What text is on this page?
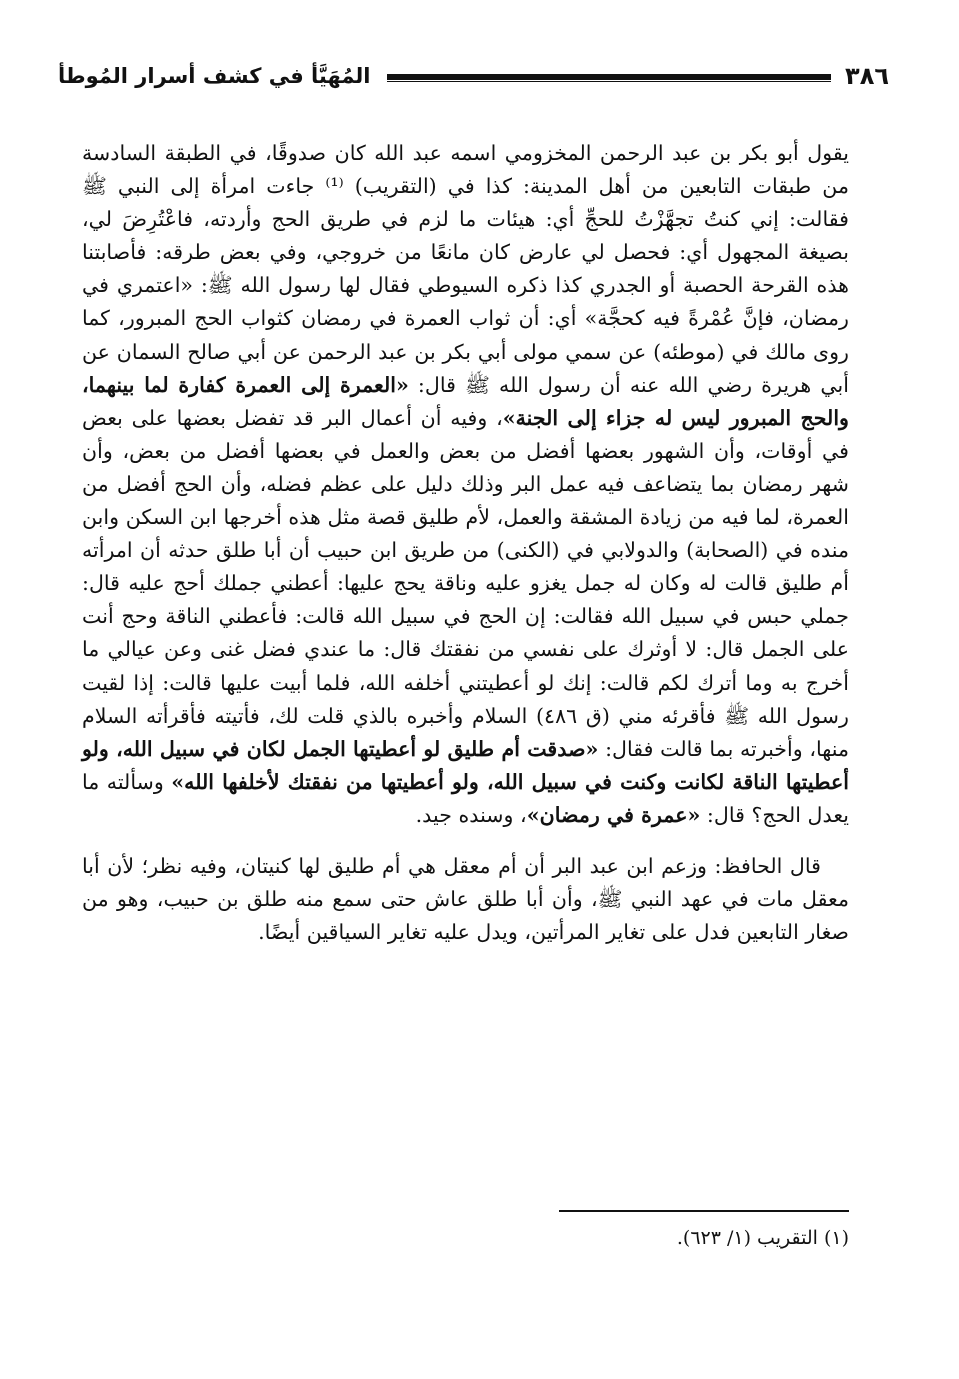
٣٨٦
المُهَيَّأ في كشف أسرار المُوطأ

يقول أبو بكر بن عبد الرحمن المخزومي اسمه عبد الله كان صدوقًا، في الطبقة السادسة من طبقات التابعين من أهل المدينة: كذا في (التقريب) ⁽¹⁾ جاءت امرأة إلى النبي ﷺ فقالت: إني كنتُ تجهَّزْتُ للحجِّ أي: هيئات ما لزم في طريق الحج وأردته، فاعْتُرِضَ لي، بصيغة المجهول أي: فحصل لي عارض كان مانعًا من خروجي، وفي بعض طرقه: فأصابتنا هذه القرحة الحصبة أو الجدري كذا ذكره السيوطي فقال لها رسول الله ﷺ: «اعتمري في رمضان، فإنَّ عُمْرةً فيه كحجَّة» أي: أن ثواب العمرة في رمضان كثواب الحج المبرور، كما روى مالك في (موطئه) عن سمي مولى أبي بكر بن عبد الرحمن عن أبي صالح السمان عن أبي هريرة رضي الله عنه أن رسول الله ﷺ قال: «العمرة إلى العمرة كفارة لما بينهما، والحج المبرور ليس له جزاء إلى الجنة»، وفيه أن أعمال البر قد تفضل بعضها على بعض في أوقات، وأن الشهور بعضها أفضل من بعض والعمل في بعضها أفضل من بعض، وأن شهر رمضان بما يتضاعف فيه عمل البر وذلك دليل على عظم فضله، وأن الحج أفضل من العمرة، لما فيه من زيادة المشقة والعمل، لأم طليق قصة مثل هذه أخرجها ابن السكن وابن منده في (الصحابة) والدولابي في (الكنى) من طريق ابن حبيب أن أبا طلق حدثه أن امرأته أم طليق قالت له وكان له جمل يغزو عليه وناقة يحج عليها: أعطني جملك أحج عليه قال: جملي حبس في سبيل الله فقالت: إن الحج في سبيل الله قالت: فأعطني الناقة وحج أنت على الجمل قال: لا أوثرك على نفسي من نفقتك قال: ما عندي فضل غنى وعن عيالي ما أخرج به وما أترك لكم قالت: إنك لو أعطيتني أخلفه الله، فلما أبيت عليها قالت: إذا لقيت رسول الله ﷺ فأقرئه مني (ق ٤٨٦) السلام وأخبره بالذي قلت لك، فأتيته فأقرأته السلام منها، وأخبرته بما قالت فقال: «صدقت أم طليق لو أعطيتها الجمل لكان في سبيل الله، ولو أعطيتها الناقة لكانت وكنت في سبيل الله، ولو أعطيتها من نفقتك لأخلفها الله» وسألته ما يعدل الحج؟ قال: «عمرة في رمضان»، وسنده جيد.

قال الحافظ: وزعم ابن عبد البر أن أم معقل هي أم طليق لها كنيتان، وفيه نظر؛ لأن أبا معقل مات في عهد النبي ﷺ، وأن أبا طلق عاش حتى سمع منه طلق بن حبيب، وهو من صغار التابعين فدل على تغاير المرأتين، ويدل عليه تغاير السياقين أيضًا.

(١) التقريب (١/ ٦٢٣).
